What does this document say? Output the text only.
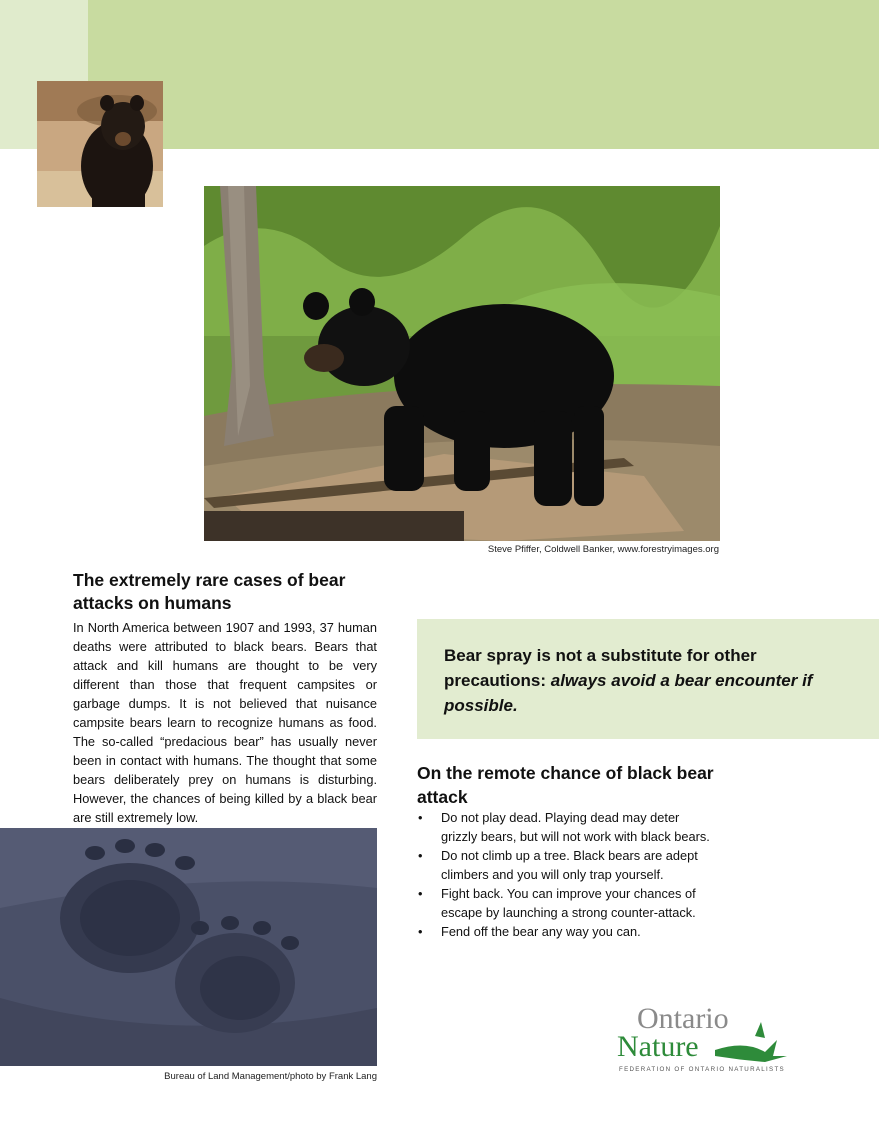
Steve Pfiffer, Coldwell Banker, www.forestryimages.org
The extremely rare cases of bear attacks on humans
In North America between 1907 and 1993, 37 human deaths were attributed to black bears. Bears that attack and kill humans are thought to be very different than those that frequent campsites or garbage dumps. It is not believed that nuisance campsite bears learn to recognize humans as food. The so-called “predacious bear” has usually never been in contact with humans. The thought that some bears deliberately prey on humans is disturbing. However, the chances of being killed by a black bear are still extremely low.
Bureau of Land Management/photo by Frank Lang
Bear spray is not a substitute for other precautions: always avoid a bear encounter if possible.
On the remote chance of black bear attack
• Do not play dead. Playing dead may deter grizzly bears, but will not work with black bears.
• Do not climb up a tree. Black bears are adept climbers and you will only trap yourself.
• Fight back. You can improve your chances of escape by launching a strong counter-attack.
• Fend off the bear any way you can.
Ontario
Nature
FEDERATION OF ONTARIO NATURALISTS
